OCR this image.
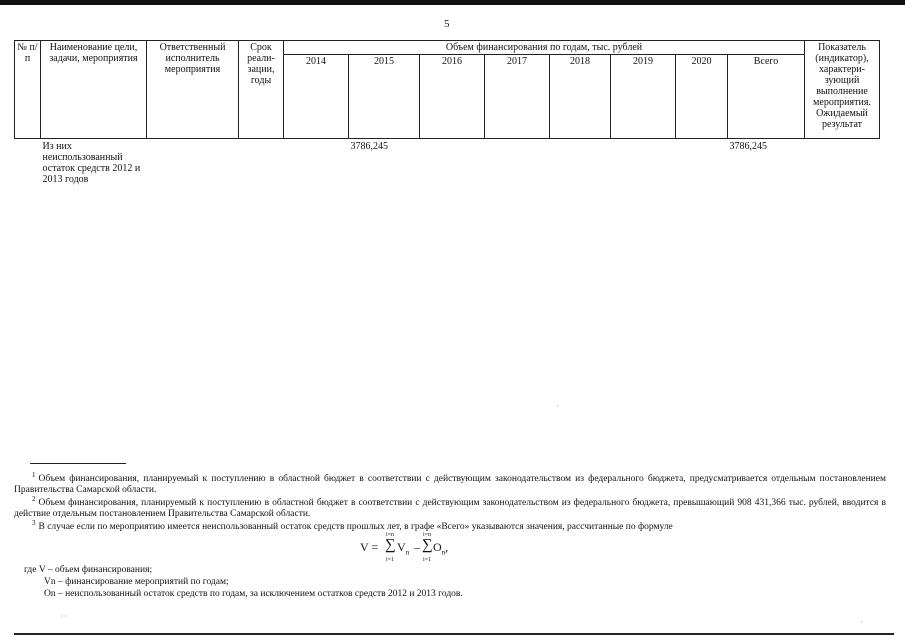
5
№ п/п	Наименование цели, задачи, мероприятия	Ответственный исполнитель мероприятия	Срок реали-зации, годы	Объем финансирования по годам, тыс. рублей								Показатель (индикатор), характери-зующий выполнение мероприятия. Ожидаемый результат
				2014	2015	2016	2017	2018	2019	2020	Всего	
	Из них неиспользованный остаток средств 2012 и 2013 годов				3786,245						3786,245	
·
$^1$ Объем финансирования, планируемый к поступлению в областной бюджет в соответствии с действующим законодательством из федерального бюджета, предусматривается отдельным постановлением Правительства Самарской области.
$^2$ Объем финансирования, планируемый к поступлению в областной бюджет в соответствии с действующим законодательством из федерального бюджета, превышающий 908 431,366 тыс. рублей, вводится в действие отдельным постановлением Правительства Самарской области.
$^3$ В случае если по мероприятию имеется неиспользованный остаток средств прошлых лет, в графе «Всего» указываются значения, рассчитанные по формуле
V =
i=n
∑
i=1
$V_n$ –
i=n
∑
i=1
$O_n$,
где V – объем финансирования;
Vn – финансирование мероприятий по годам;
Оn – неиспользованный остаток средств по годам, за исключением остатков средств 2012 и 2013 годов.
· ·
·
